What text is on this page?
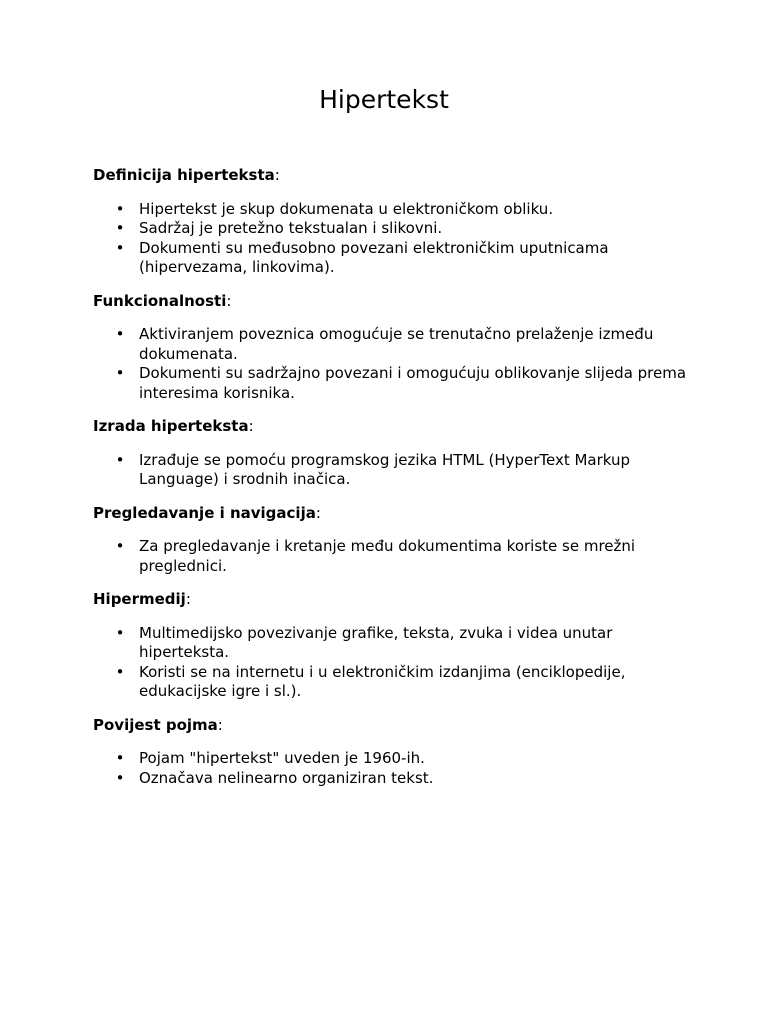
Hipertekst

Definicija hiperteksta:

• Hipertekst je skup dokumenata u elektroničkom obliku.
• Sadržaj je pretežno tekstualan i slikovni.
• Dokumenti su međusobno povezani elektroničkim uputnicama (hipervezama, linkovima).

Funkcionalnosti:

• Aktiviranjem poveznica omogućuje se trenutačno prelaženje između dokumenata.
• Dokumenti su sadržajno povezani i omogućuju oblikovanje slijeda prema interesima korisnika.

Izrada hiperteksta:

• Izrađuje se pomoću programskog jezika HTML (HyperText Markup Language) i srodnih inačica.

Pregledavanje i navigacija:

• Za pregledavanje i kretanje među dokumentima koriste se mrežni preglednici.

Hipermedij:

• Multimedijsko povezivanje grafike, teksta, zvuka i videa unutar hiperteksta.
• Koristi se na internetu i u elektroničkim izdanjima (enciklopedije, edukacijske igre i sl.).

Povijest pojma:

• Pojam "hipertekst" uveden je 1960-ih.
• Označava nelinearno organiziran tekst.
